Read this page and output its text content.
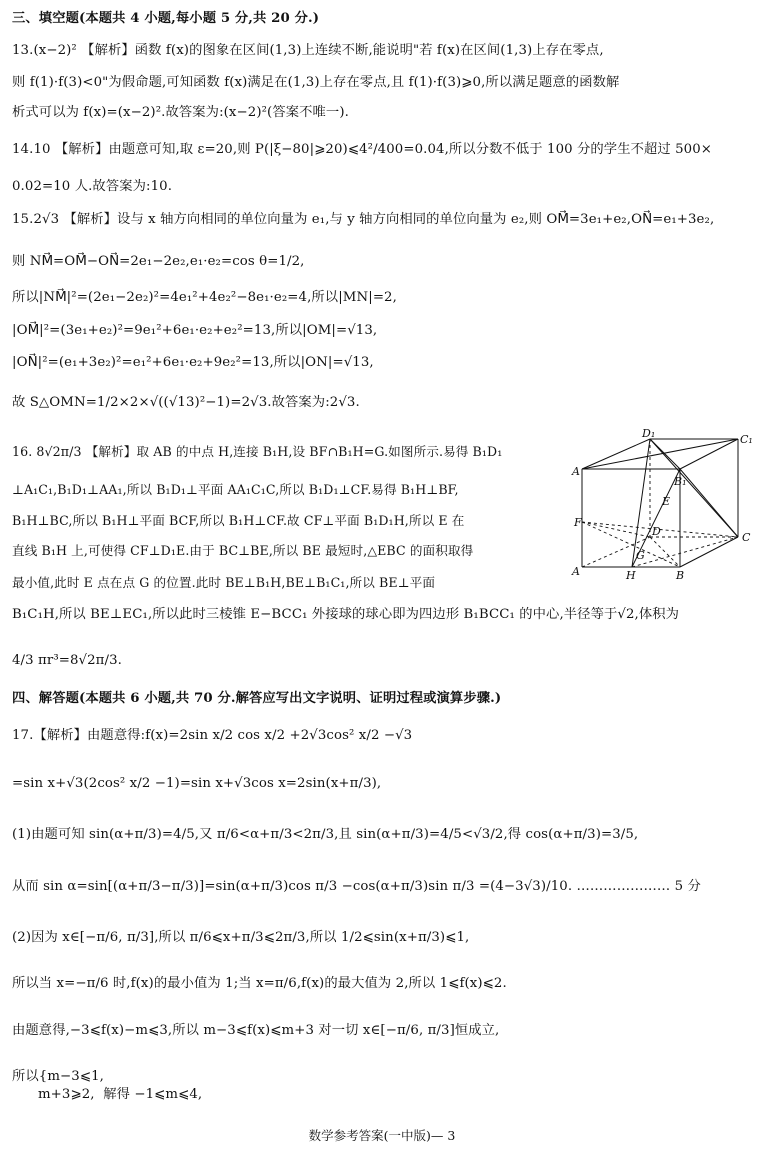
三、填空题(本题共 4 小题,每小题 5 分,共 20 分.)
13.(x−2)² 【解析】函数 f(x)的图象在区间(1,3)上连续不断,能说明"若 f(x)在区间(1,3)上存在零点,
则 f(1)·f(3)<0"为假命题,可知函数 f(x)满足在(1,3)上存在零点,且 f(1)·f(3)⩾0,所以满足题意的函数解
析式可以为 f(x)=(x−2)².故答案为:(x−2)²(答案不唯一).
14.10 【解析】由题意可知,取 ε=20,则 P(|ξ−80|⩾20)⩽4²/400=0.04,所以分数不低于 100 分的学生不超过 500×
0.02=10 人.故答案为:10.
15.2√3 【解析】设与 x 轴方向相同的单位向量为 e₁,与 y 轴方向相同的单位向量为 e₂,则 OM⃗=3e₁+e₂,ON⃗=e₁+3e₂,
则 NM⃗=OM⃗−ON⃗=2e₁−2e₂,e₁·e₂=cos θ=1/2,
所以|NM⃗|²=(2e₁−2e₂)²=4e₁²+4e₂²−8e₁·e₂=4,所以|MN|=2,
|OM⃗|²=(3e₁+e₂)²=9e₁²+6e₁·e₂+e₂²=13,所以|OM|=√13,
|ON⃗|²=(e₁+3e₂)²=e₁²+6e₁·e₂+9e₂²=13,所以|ON|=√13,
故 S△OMN=1/2×2×√((√13)²−1)=2√3.故答案为:2√3.
16. 8√2π/3 【解析】取 AB 的中点 H,连接 B₁H,设 BF∩B₁H=G.如图所示.易得 B₁D₁
⊥A₁C₁,B₁D₁⊥AA₁,所以 B₁D₁⊥平面 AA₁C₁C,所以 B₁D₁⊥CF.易得 B₁H⊥BF,
B₁H⊥BC,所以 B₁H⊥平面 BCF,所以 B₁H⊥CF.故 CF⊥平面 B₁D₁H,所以 E 在
直线 B₁H 上,可使得 CF⊥D₁E.由于 BC⊥BE,所以 BE 最短时,△EBC 的面积取得
最小值,此时 E 点在点 G 的位置.此时 BE⊥B₁H,BE⊥B₁C₁,所以 BE⊥平面
B₁C₁H,所以 BE⊥EC₁,所以此时三棱锥 E−BCC₁ 外接球的球心即为四边形 B₁BCC₁ 的中心,半径等于√2,体积为
4/3 πr³=8√2π/3.
D₁	C₁
A
B₁
E
F
D	C
G
A	H	B
四、解答题(本题共 6 小题,共 70 分.解答应写出文字说明、证明过程或演算步骤.)
17.【解析】由题意得:f(x)=2sin x/2 cos x/2 +2√3cos² x/2 −√3
=sin x+√3(2cos² x/2 −1)=sin x+√3cos x=2sin(x+π/3),
(1)由题可知 sin(α+π/3)=4/5,又 π/6<α+π/3<2π/3,且 sin(α+π/3)=4/5<√3/2,得 cos(α+π/3)=3/5,
从而 sin α=sin[(α+π/3−π/3)]=sin(α+π/3)cos π/3 −cos(α+π/3)sin π/3 =(4−3√3)/10. ………………… 5 分
(2)因为 x∈[−π/6, π/3],所以 π/6⩽x+π/3⩽2π/3,所以 1/2⩽sin(x+π/3)⩽1,
所以当 x=−π/6 时,f(x)的最小值为 1;当 x=π/6,f(x)的最大值为 2,所以 1⩽f(x)⩽2.
由题意得,−3⩽f(x)−m⩽3,所以 m−3⩽f(x)⩽m+3 对一切 x∈[−π/6, π/3]恒成立,
所以{m−3⩽1,
m+3⩾2,  解得 −1⩽m⩽4,
数学参考答案(一中版)— 3
